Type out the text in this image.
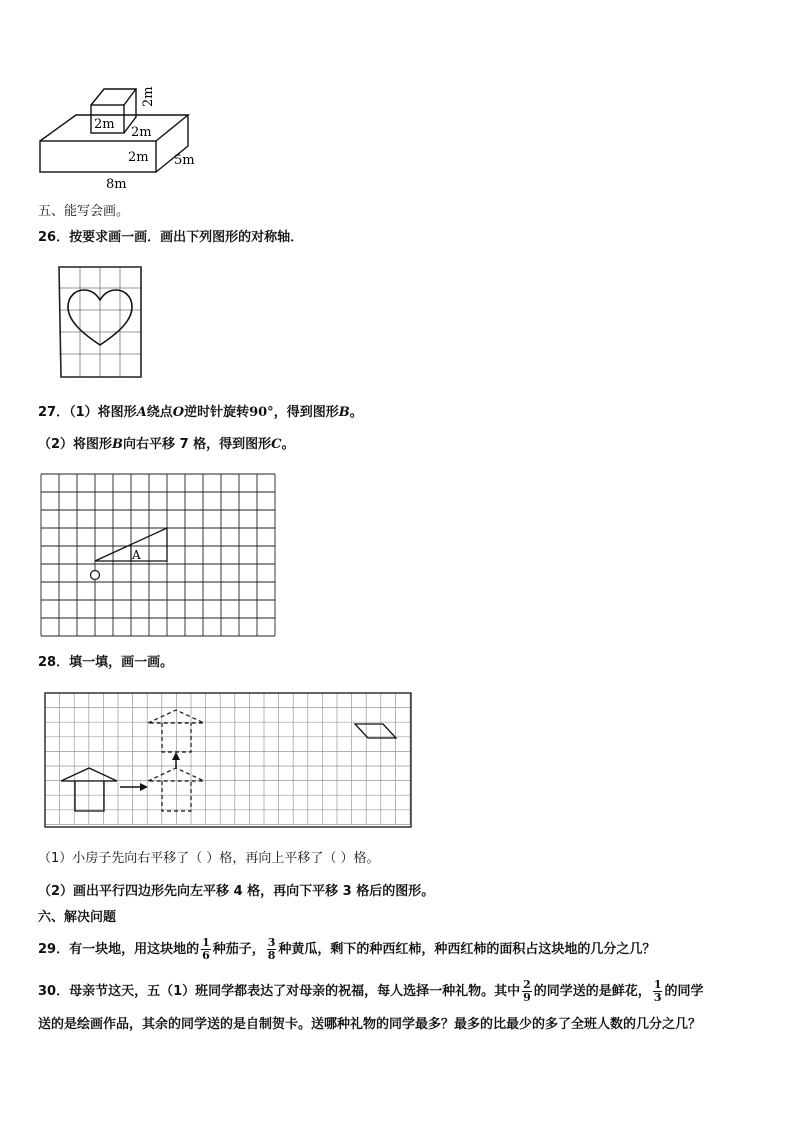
2m
2m
2m
2m 5m
8m
五、能写会画。
26．按要求画一画．画出下列图形的对称轴．
27．（1）将图形A绕点O逆时针旋转90°，得到图形B。
（2）将图形B向右平移 7 格，得到图形C。
A
28．填一填，画一画。
（1）小房子先向右平移了（ ）格，再向上平移了（ ）格。
（2）画出平行四边形先向左平移 4 格，再向下平移 3 格后的图形。
六、解决问题
29．有一块地，用这块地的 $\frac{1}{6}$ 种茄子， $\frac{3}{8}$ 种黄瓜，剩下的种西红柿，种西红柿的面积占这块地的几分之几？
30．母亲节这天，五（1）班同学都表达了对母亲的祝福，每人选择一种礼物。其中 $\frac{2}{9}$ 的同学送的是鲜花， $\frac{1}{3}$ 的同学
送的是绘画作品，其余的同学送的是自制贺卡。送哪种礼物的同学最多？最多的比最少的多了全班人数的几分之几？
